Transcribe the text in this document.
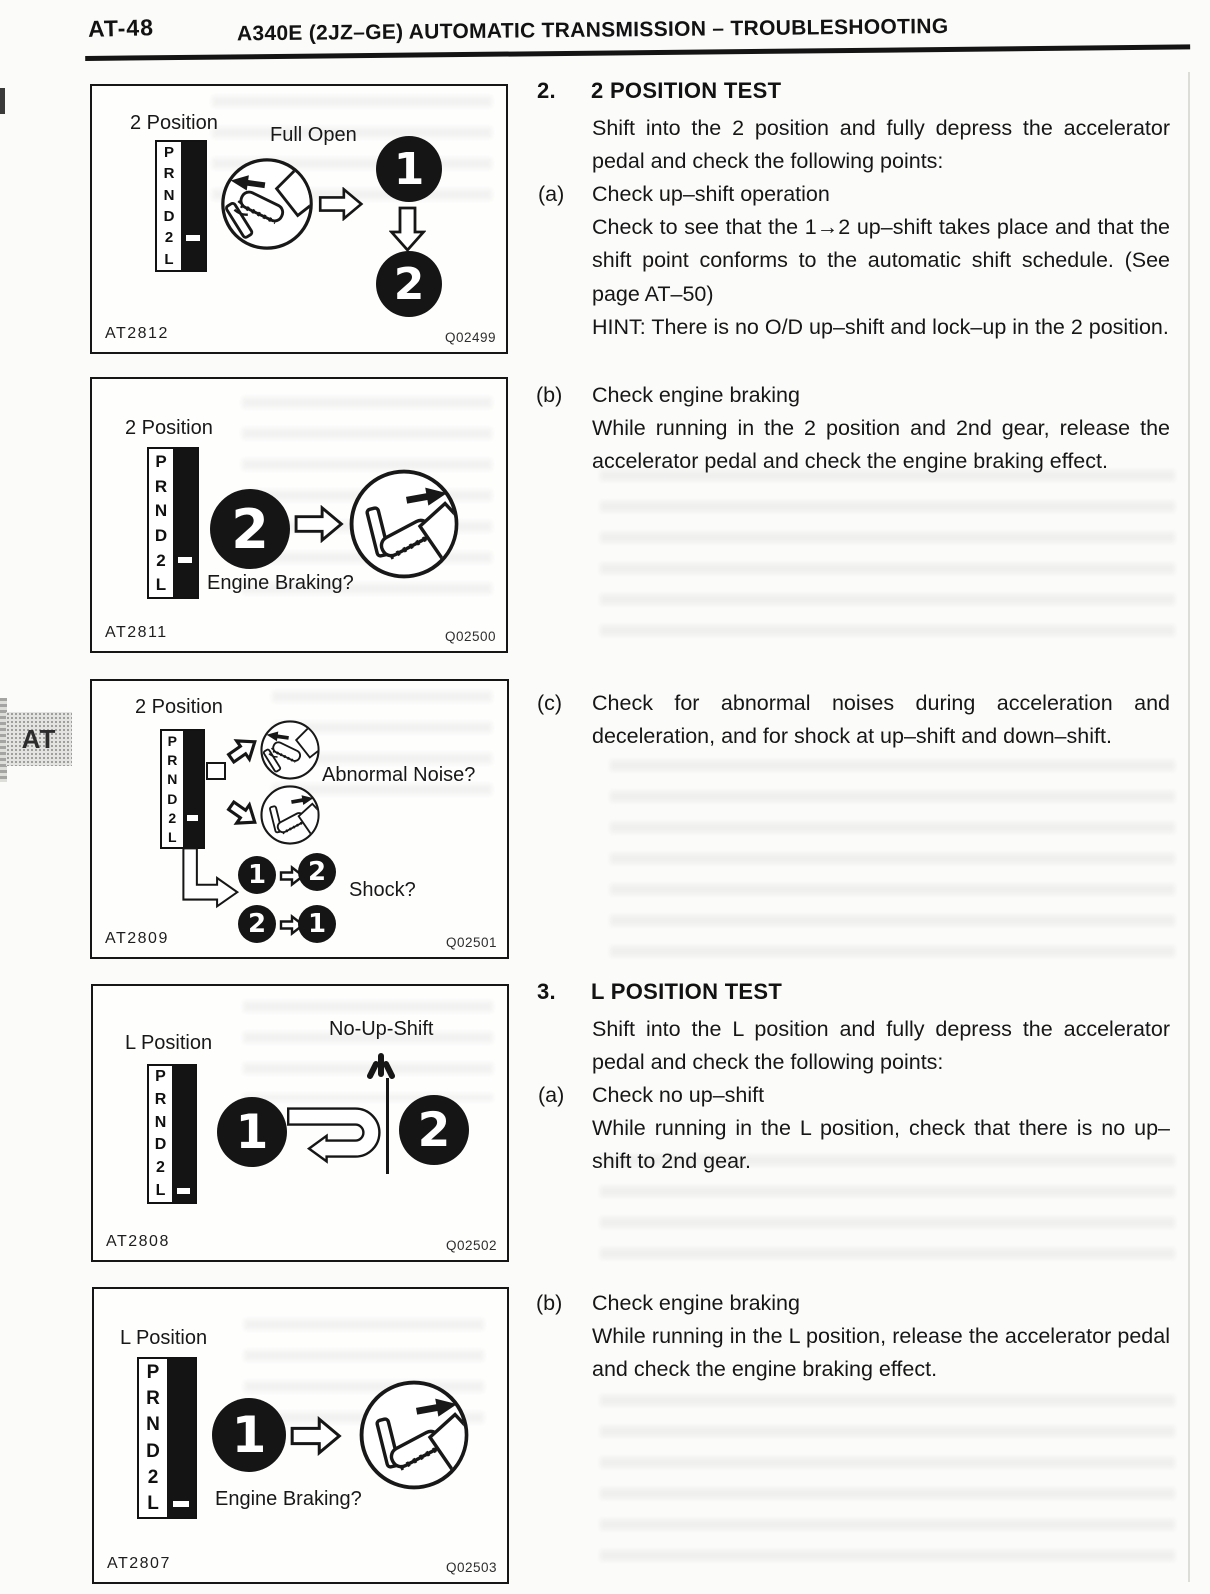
AT-48	A340E (2JZ–GE) AUTOMATIC TRANSMISSION – TROUBLESHOOTING
AT
2 Position
P
R
N
D
2
L
Full Open
1
2
AT2812	Q02499
2 Position
P
R
N
D
2
L
2
Engine Braking?
AT2811	Q02500
2 Position
P
R
N
D
2
L
Abnormal Noise?
1	2
2	1
Shock?
AT2809	Q02501
L Position
P
R
N
D
2
L
No-Up-Shift
1	2
AT2808	Q02502
L Position
P
R
N
D
2
L
1
Engine Braking?
AT2807	Q02503
2. 2 POSITION TEST
Shift into the 2 position and fully depress the accelerator pedal and check the following points:
(a) Check up–shift operation
Check to see that the 1→2 up–shift takes place and that the shift point conforms to the automatic shift schedule. (See page AT–50)
HINT: There is no O/D up–shift and lock–up in the 2 position.
(b) Check engine braking
While running in the 2 position and 2nd gear, release the accelerator pedal and check the engine braking effect.
(c) Check for abnormal noises during acceleration and deceleration, and for shock at up–shift and down–shift.
3. L POSITION TEST
Shift into the L position and fully depress the accelerator pedal and check the following points:
(a) Check no up–shift
While running in the L position, check that there is no up–shift to 2nd gear.
(b) Check engine braking
While running in the L position, release the accelerator pedal and check the engine braking effect.
